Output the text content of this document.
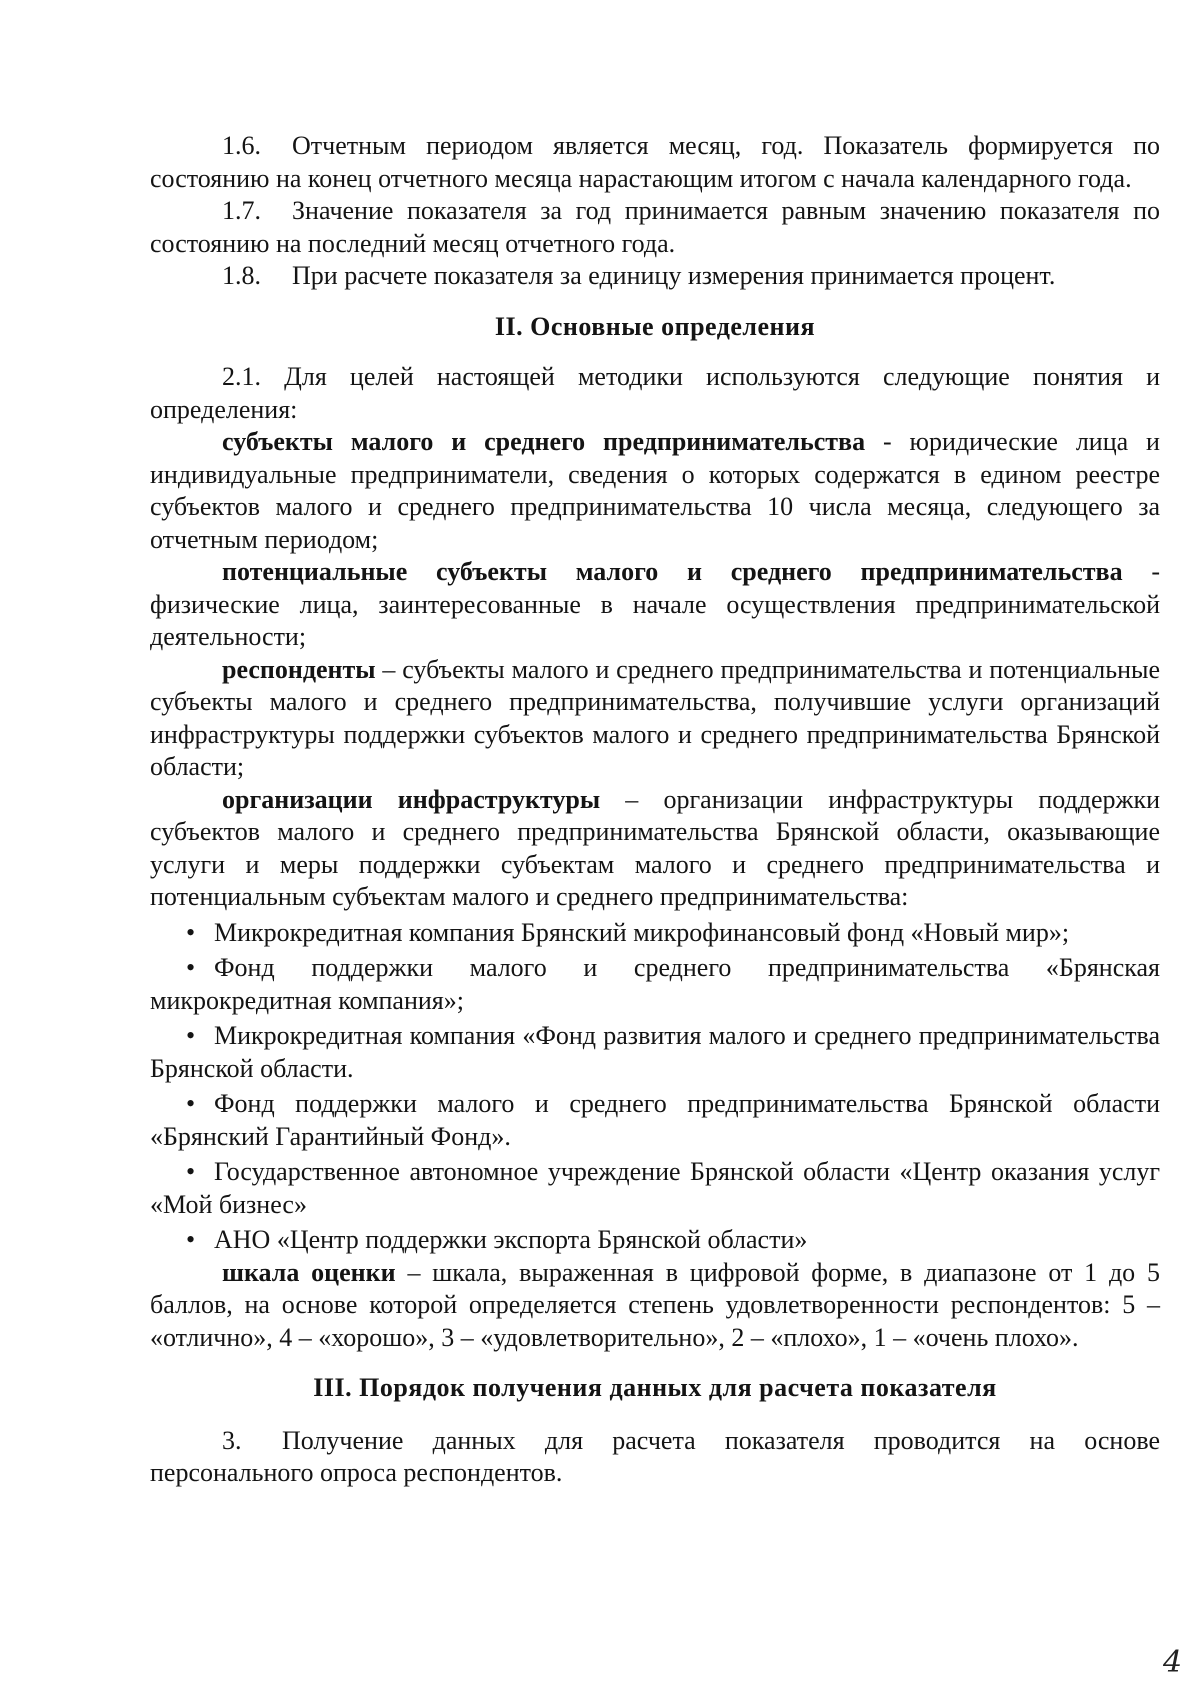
1.6. Отчетным периодом является месяц, год. Показатель формируется по состоянию на конец отчетного месяца нарастающим итогом с начала календарного года.

1.7. Значение показателя за год принимается равным значению показателя по состоянию на последний месяц отчетного года.

1.8. При расчете показателя за единицу измерения принимается процент.

II. Основные определения

2.1. Для целей настоящей методики используются следующие понятия и определения:

субъекты малого и среднего предпринимательства - юридические лица и индивидуальные предприниматели, сведения о которых содержатся в едином реестре субъектов малого и среднего предпринимательства 10 числа месяца, следующего за отчетным периодом;

потенциальные субъекты малого и среднего предпринимательства - физические лица, заинтересованные в начале осуществления предпринимательской деятельности;

респонденты – субъекты малого и среднего предпринимательства и потенциальные субъекты малого и среднего предпринимательства, получившие услуги организаций инфраструктуры поддержки субъектов малого и среднего предпринимательства Брянской области;

организации инфраструктуры – организации инфраструктуры поддержки субъектов малого и среднего предпринимательства Брянской области, оказывающие услуги и меры поддержки субъектам малого и среднего предпринимательства и потенциальным субъектам малого и среднего предпринимательства:

• Микрокредитная компания Брянский микрофинансовый фонд «Новый мир»;

• Фонд поддержки малого и среднего предпринимательства «Брянская микрокредитная компания»;

• Микрокредитная компания «Фонд развития малого и среднего предпринимательства Брянской области.

• Фонд поддержки малого и среднего предпринимательства Брянской области «Брянский Гарантийный Фонд».

• Государственное автономное учреждение Брянской области «Центр оказания услуг «Мой бизнес»

• АНО «Центр поддержки экспорта Брянской области»

шкала оценки – шкала, выраженная в цифровой форме, в диапазоне от 1 до 5 баллов, на основе которой определяется степень удовлетворенности респондентов: 5 – «отлично», 4 – «хорошо», 3 – «удовлетворительно», 2 – «плохо», 1 – «очень плохо».

III. Порядок получения данных для расчета показателя

3. Получение данных для расчета показателя проводится на основе персонального опроса респондентов.

4
